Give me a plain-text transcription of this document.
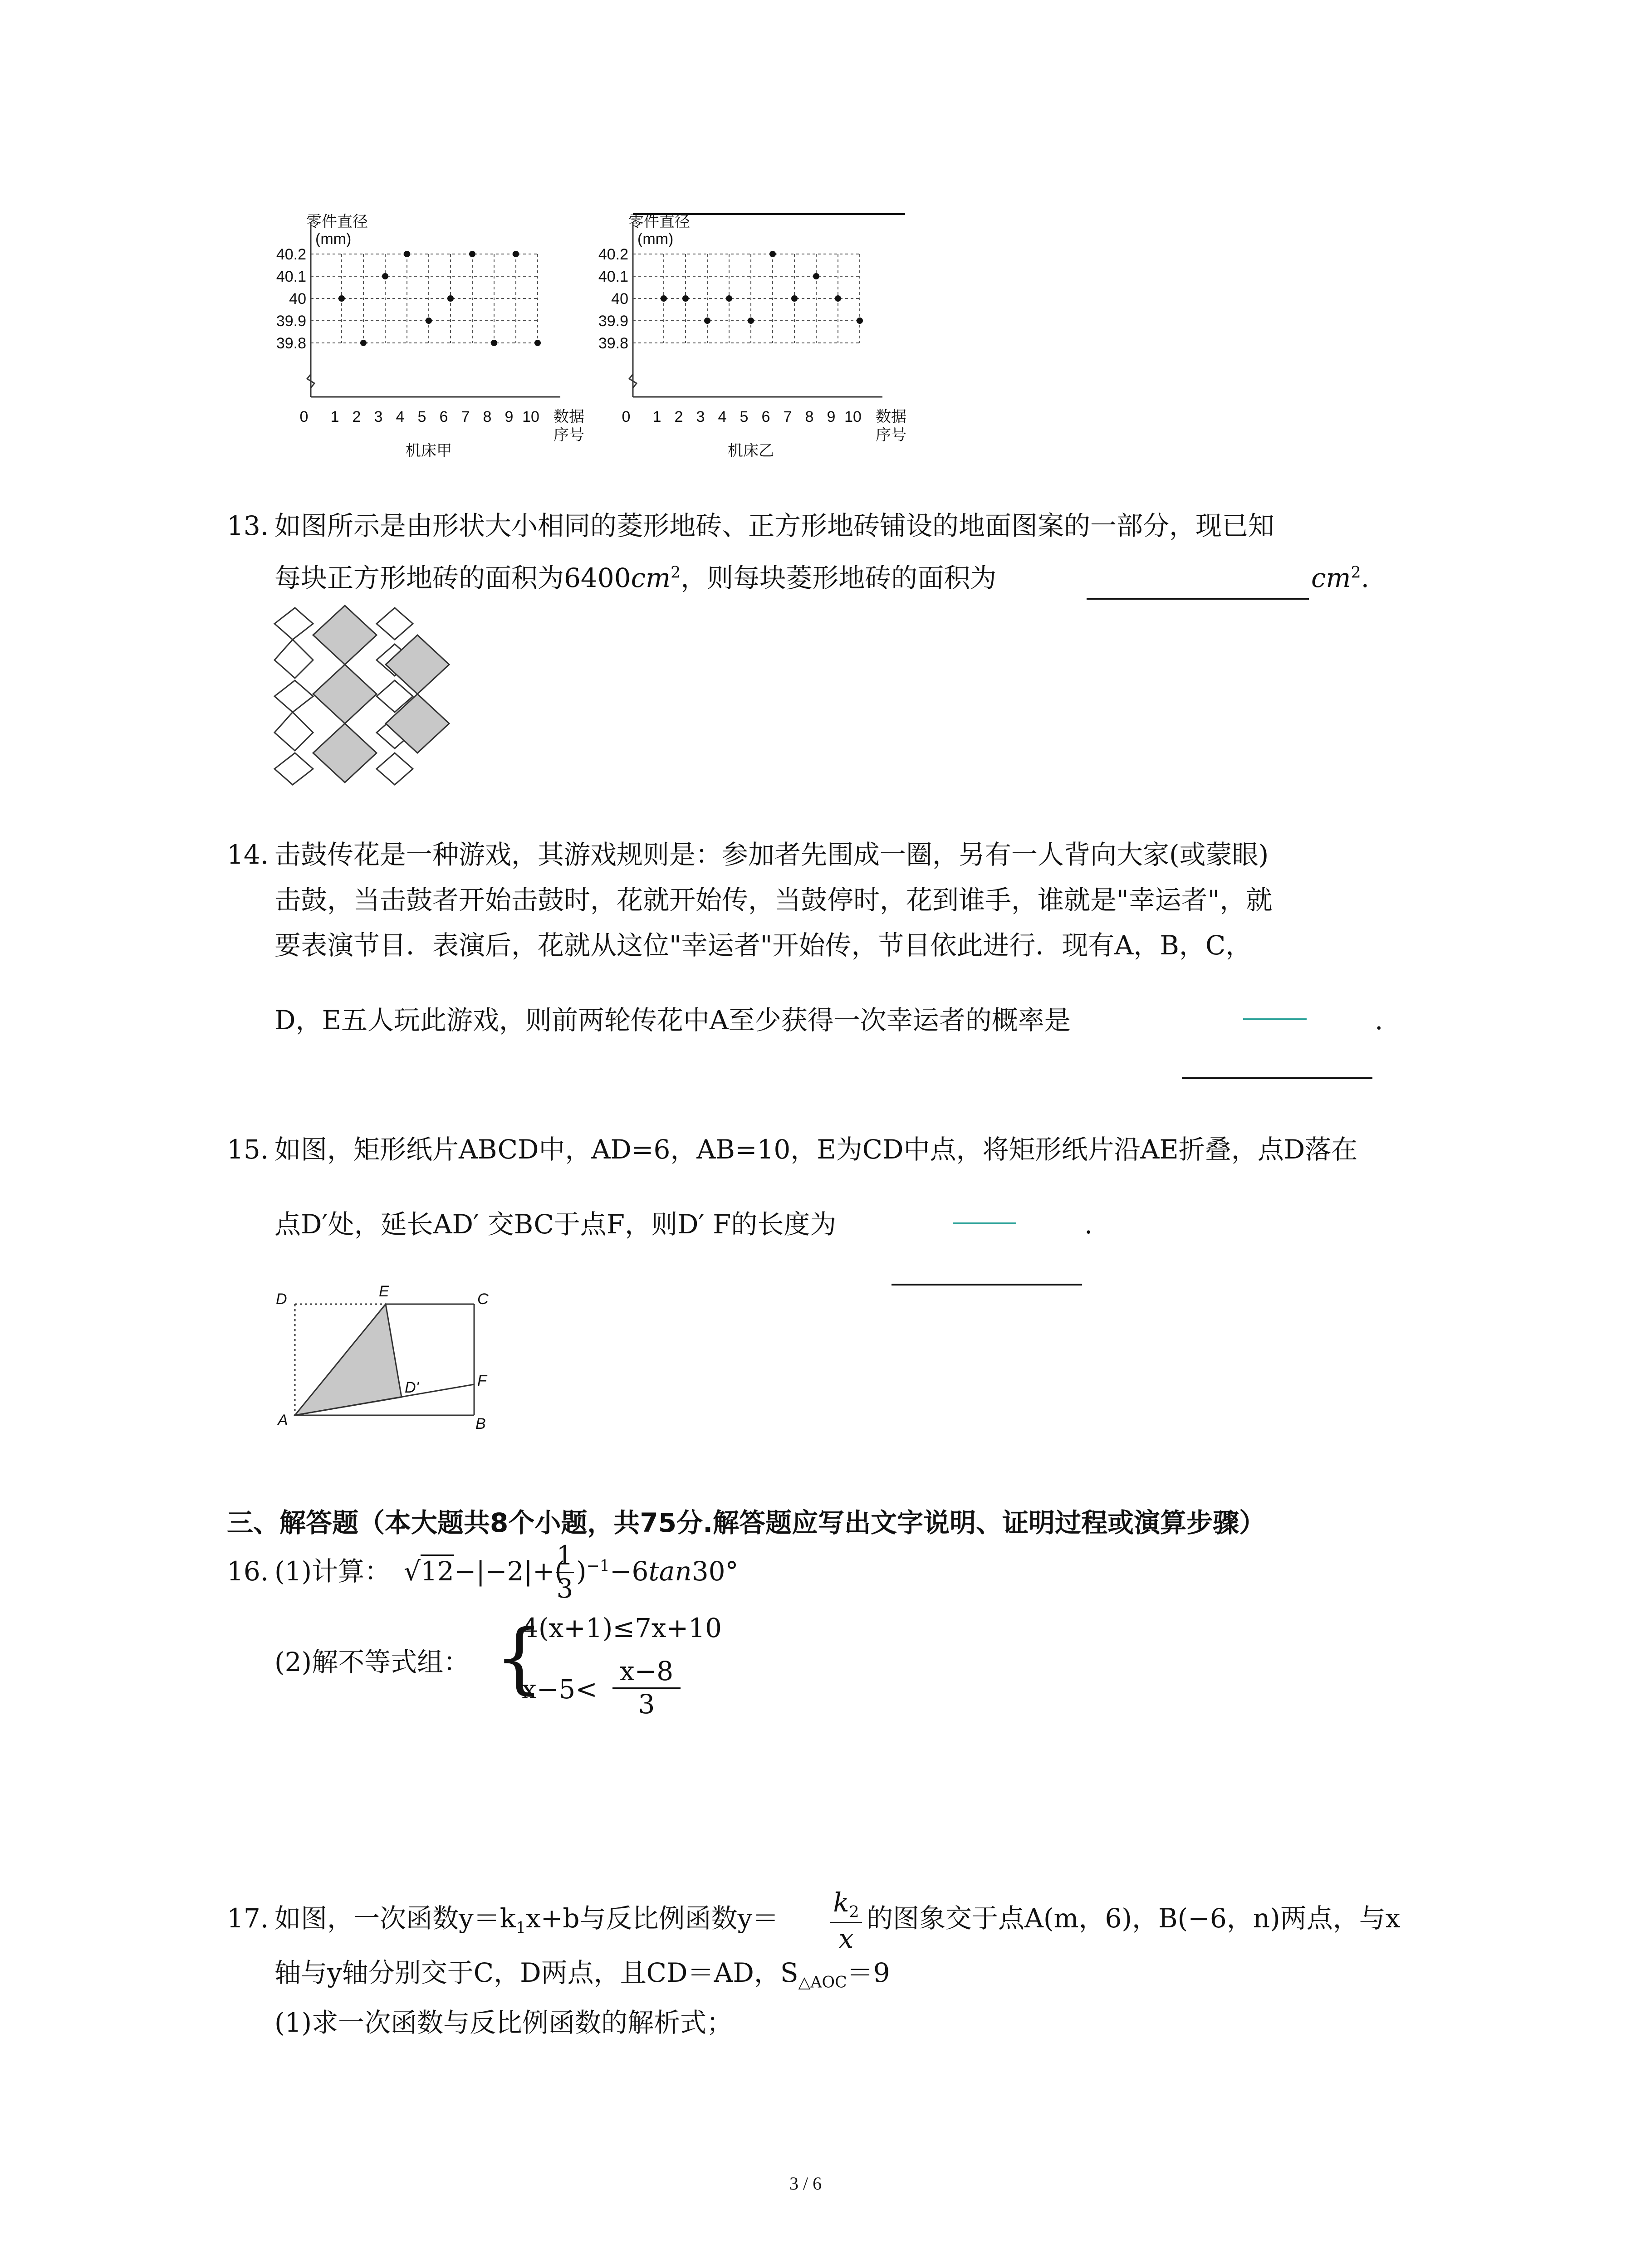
40.2
40.1
40
39.9
39.8
0 1 2 3 4 5 6 7 8 9 10
零件直径
(mm)
数据
序号
机床甲
40.2
40.1
40
39.9
39.8
0 1 2 3 4 5 6 7 8 9 10
零件直径
(mm)
数据
序号
机床乙
13. 如图所示是由形状大小相同的菱形地砖、正方形地砖铺设的地面图案的一部分，现已知
每块正方形地砖的面积为$6400cm^2$，则每块菱形地砖的面积为	$cm^2$.
14. 击鼓传花是一种游戏，其游戏规则是：参加者先围成一圈，另有一人背向大家(或蒙眼)
击鼓，当击鼓者开始击鼓时，花就开始传，当鼓停时，花到谁手，谁就是"幸运者"，就
要表演节目．表演后，花就从这位"幸运者"开始传，节目依此进行．现有A，B，C，
D，E五人玩此游戏，则前两轮传花中A至少获得一次幸运者的概率是	.
15. 如图，矩形纸片ABCD中，AD=6，AB=10，E为CD中点，将矩形纸片沿AE折叠，点D落在
点D′处，延长AD′ 交BC于点F，则D′ F的长度为	.
D	E	C
D'	F
A	B
三、解答题（本大题共8个小题，共75分.解答题应写出文字说明、证明过程或演算步骤）
16. (1)计算： √12−|−2|+(
$\frac{1}{3} )^{-1}-6\tan 30^\circ$
(2)解不等式组： {
4(x+1)≤7x+10
$x-5< \frac{x-8}{3}$
17. 如图，一次函数$y=k_1x+b$与反比例函数$y= \frac{k_2}{x}$ 的图象交于点A(m，6)，B(−6，n)两点，与x
轴与y轴分别交于C，D两点，且CD＝AD，$S_{\triangle AOC}=9$
(1)求一次函数与反比例函数的解析式；
3 / 6
